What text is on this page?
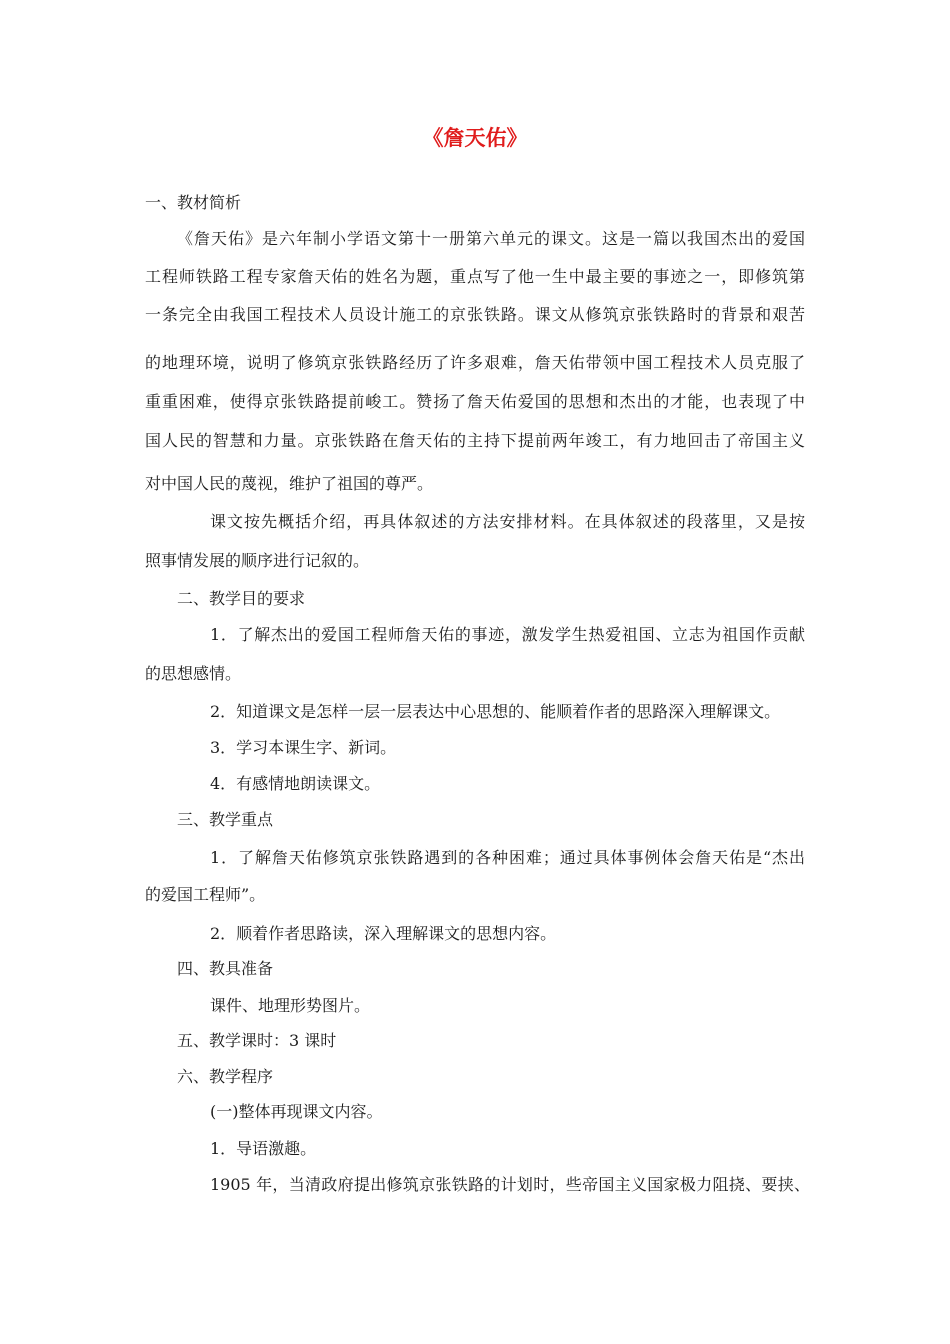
《詹天佑》

一、教材简析

《詹天佑》是六年制小学语文第十一册第六单元的课文。这是一篇以我国杰出的爱国

工程师铁路工程专家詹天佑的姓名为题，重点写了他一生中最主要的事迹之一，即修筑第

一条完全由我国工程技术人员设计施工的京张铁路。课文从修筑京张铁路时的背景和艰苦

的地理环境，说明了修筑京张铁路经历了许多艰难，詹天佑带领中国工程技术人员克服了

重重困难，使得京张铁路提前峻工。赞扬了詹天佑爱国的思想和杰出的才能，也表现了中

国人民的智慧和力量。京张铁路在詹天佑的主持下提前两年竣工，有力地回击了帝国主义

对中国人民的蔑视，维护了祖国的尊严。

课文按先概括介绍，再具体叙述的方法安排材料。在具体叙述的段落里，又是按

照事情发展的顺序进行记叙的。

二、教学目的要求

1．了解杰出的爱国工程师詹天佑的事迹，激发学生热爱祖国、立志为祖国作贡献

的思想感情。

2．知道课文是怎样一层一层表达中心思想的、能顺着作者的思路深入理解课文。

3．学习本课生字、新词。

4．有感情地朗读课文。

三、教学重点

1．了解詹天佑修筑京张铁路遇到的各种困难；通过具体事例体会詹天佑是“杰出

的爱国工程师”。

2．顺着作者思路读，深入理解课文的思想内容。

四、教具准备

课件、地理形势图片。

五、教学课时：3 课时

六、教学程序

(一)整体再现课文内容。

1．导语激趣。

1905 年，当清政府提出修筑京张铁路的计划时，些帝国主义国家极力阻挠、要挟、
